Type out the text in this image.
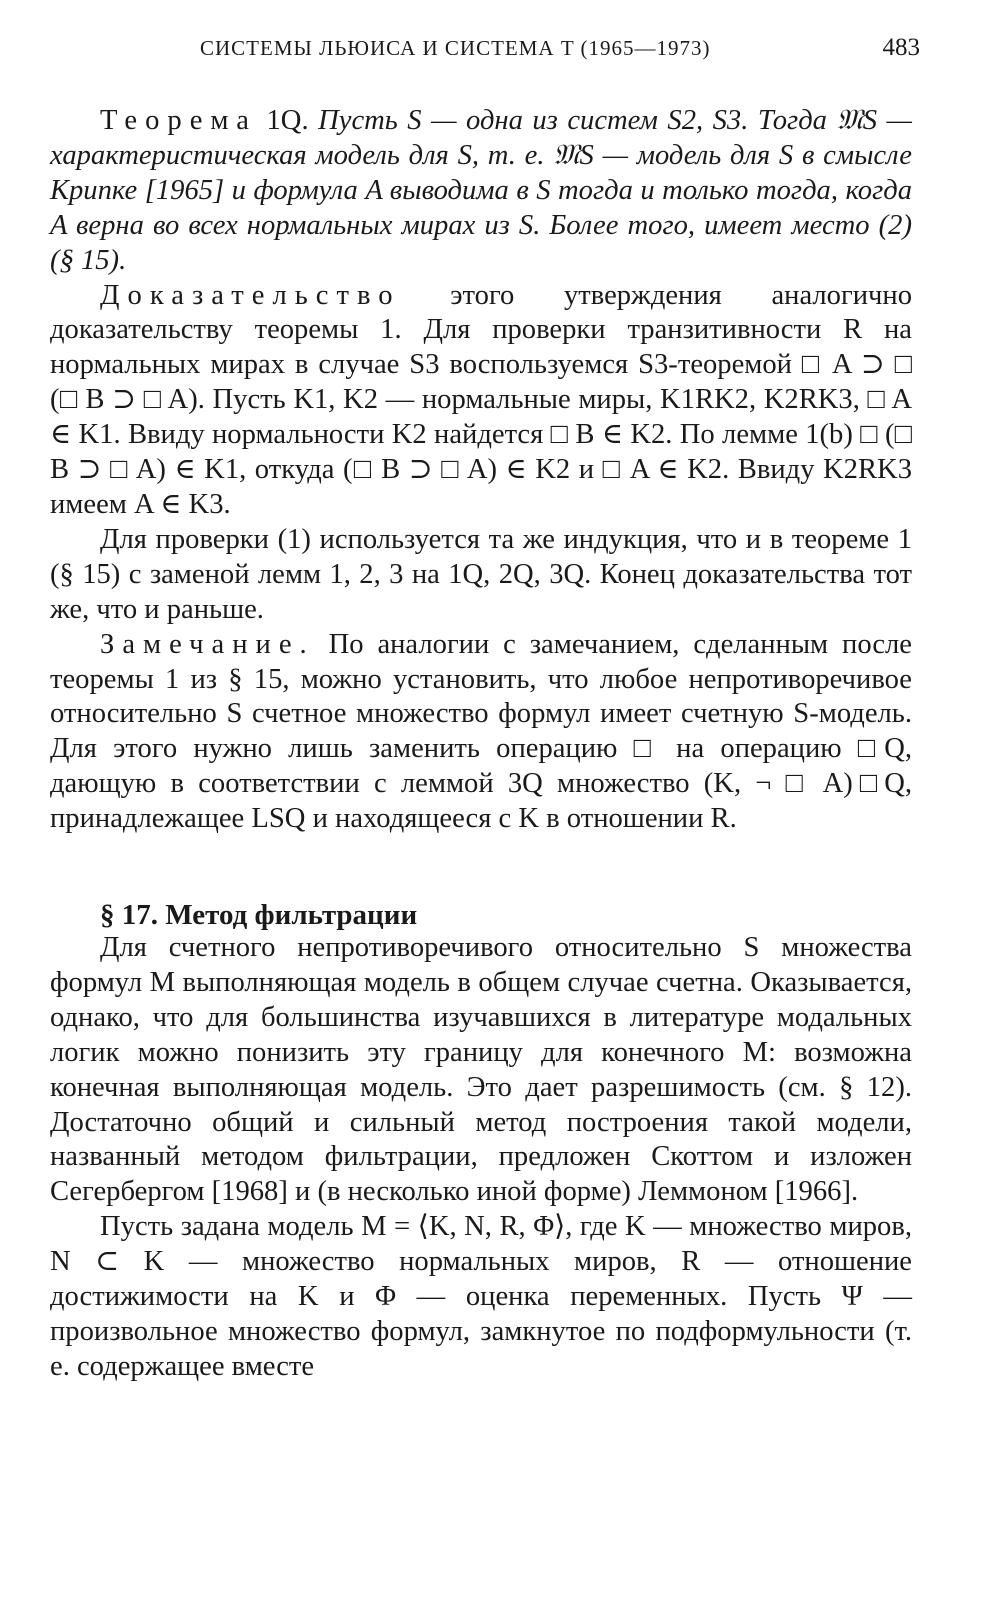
СИСТЕМЫ ЛЬЮИСА И СИСТЕМА T (1965—1973)	483

Теорема 1Q. Пусть S — одна из систем S2, S3. Тогда 𝔐S — характеристическая модель для S, т. е. 𝔐S — модель для S в смысле Крипке [1965] и формула A выводима в S тогда и только тогда, когда A верна во всех нормальных мирах из S. Более того, имеет место (2) (§ 15).

Доказательство этого утверждения аналогично доказательству теоремы 1. Для проверки транзитивности R на нормальных мирах в случае S3 воспользуемся S3-теоремой □ A ⊃ □ (□ B ⊃ □ A). Пусть K1, K2 — нормальные миры, K1RK2, K2RK3, □ A ∈ K1. Ввиду нормальности K2 найдется □ B ∈ K2. По лемме 1(b) □ (□ B ⊃ □ A) ∈ K1, откуда (□ B ⊃ □ A) ∈ K2 и □ A ∈ K2. Ввиду K2RK3 имеем A ∈ K3.

Для проверки (1) используется та же индукция, что и в теореме 1 (§ 15) с заменой лемм 1, 2, 3 на 1Q, 2Q, 3Q. Конец доказательства тот же, что и раньше.

Замечание. По аналогии с замечанием, сделанным после теоремы 1 из § 15, можно установить, что любое непротиворечивое относительно S счетное множество формул имеет счетную S-модель. Для этого нужно лишь заменить операцию □ на операцию □Q, дающую в соответствии с леммой 3Q множество (K, ¬ □ A)□Q, принадлежащее LSQ и находящееся с K в отношении R.

§ 17. Метод фильтрации

Для счетного непротиворечивого относительно S множества формул M выполняющая модель в общем случае счетна. Оказывается, однако, что для большинства изучавшихся в литературе модальных логик можно понизить эту границу для конечного M: возможна конечная выполняющая модель. Это дает разрешимость (см. § 12). Достаточно общий и сильный метод построения такой модели, названный методом фильтрации, предложен Скоттом и изложен Сегербергом [1968] и (в несколько иной форме) Леммоном [1966].

Пусть задана модель M = ⟨K, N, R, Φ⟩, где K — множество миров, N ⊂ K — множество нормальных миров, R — отношение достижимости на K и Φ — оценка переменных. Пусть Ψ — произвольное множество формул, замкнутое по подформульности (т. е. содержащее вместе
